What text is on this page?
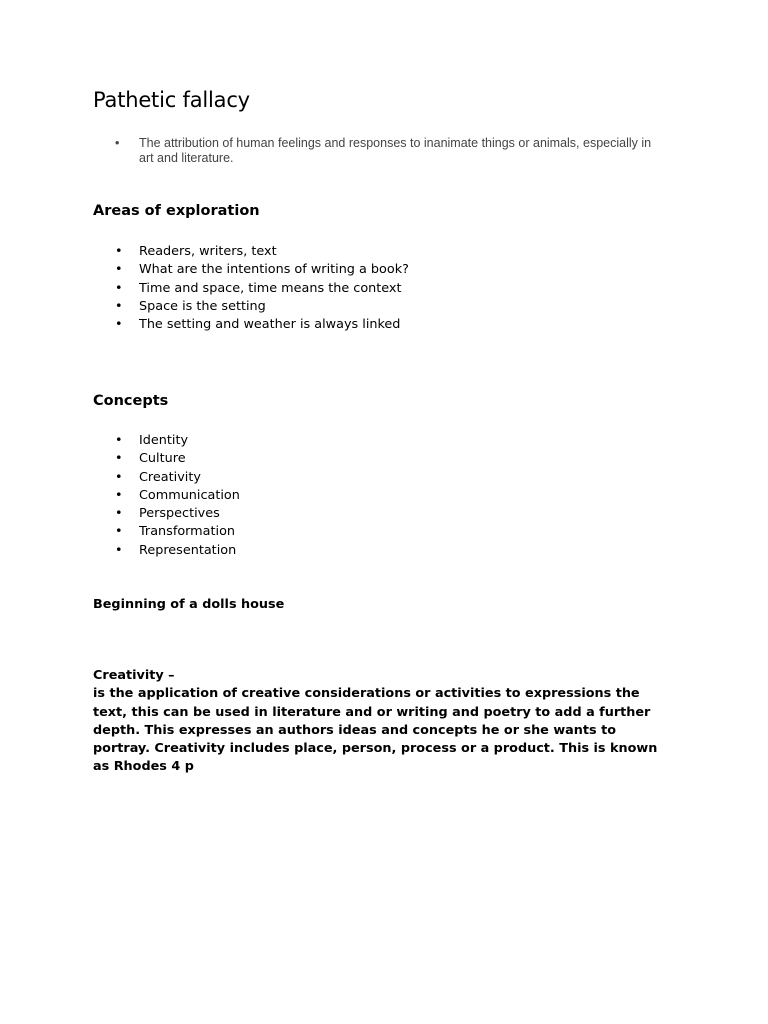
Pathetic fallacy
• The attribution of human feelings and responses to inanimate things or animals, especially in art and literature.
Areas of exploration
• Readers, writers, text
• What are the intentions of writing a book?
• Time and space, time means the context
• Space is the setting
• The setting and weather is always linked
Concepts
• Identity
• Culture
• Creativity
• Communication
• Perspectives
• Transformation
• Representation

Beginning of a dolls house

Creativity –
is the application of creative considerations or activities to expressions the text, this can be used in literature and or writing and poetry to add a further depth. This expresses an authors ideas and concepts he or she wants to portray. Creativity includes place, person, process or a product. This is known as Rhodes 4 p
